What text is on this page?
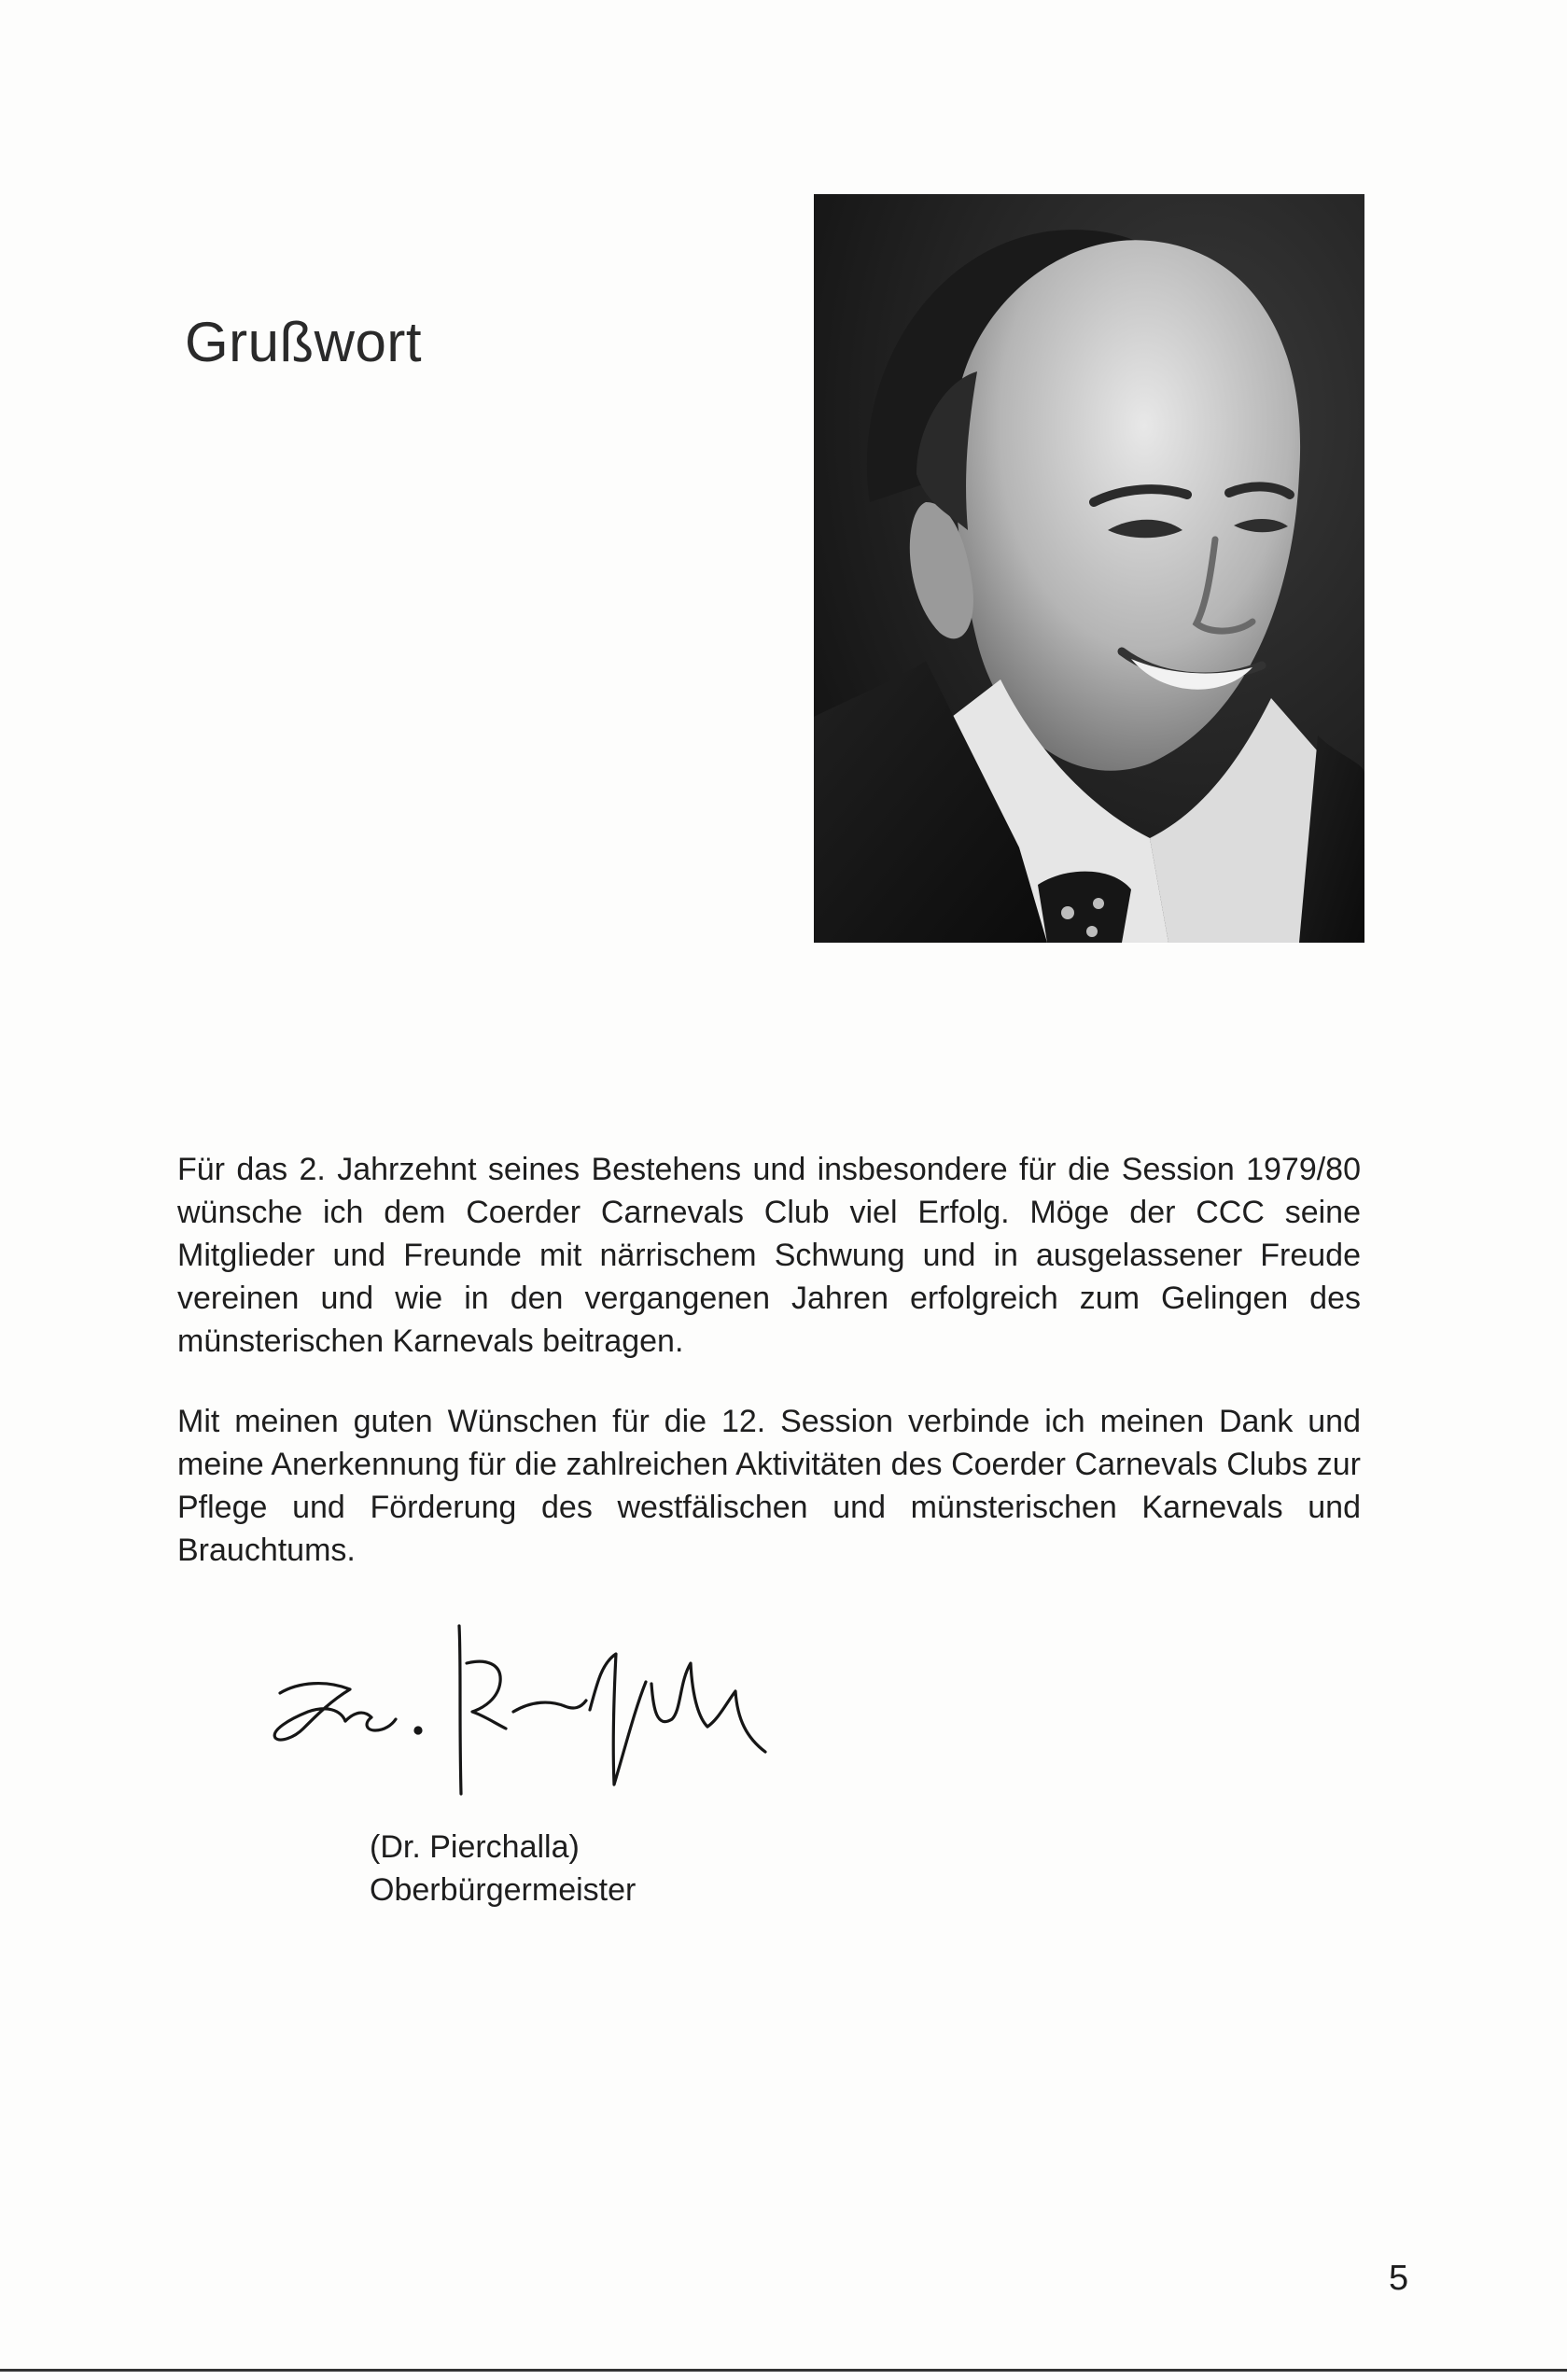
Grußwort

Für das 2. Jahrzehnt seines Bestehens und insbesondere für die Session 1979/80 wünsche ich dem Coerder Carnevals Club viel Erfolg. Möge der CCC seine Mitglieder und Freunde mit närrischem Schwung und in ausgelassener Freude vereinen und wie in den vergangenen Jahren erfolgreich zum Gelingen des münsterischen Karnevals beitragen.

Mit meinen guten Wünschen für die 12. Session verbinde ich meinen Dank und meine Anerkennung für die zahlreichen Aktivitäten des Coerder Carnevals Clubs zur Pflege und Förderung des westfälischen und münsterischen Karnevals und Brauchtums.

(Dr. Pierchalla)
Oberbürgermeister
5
